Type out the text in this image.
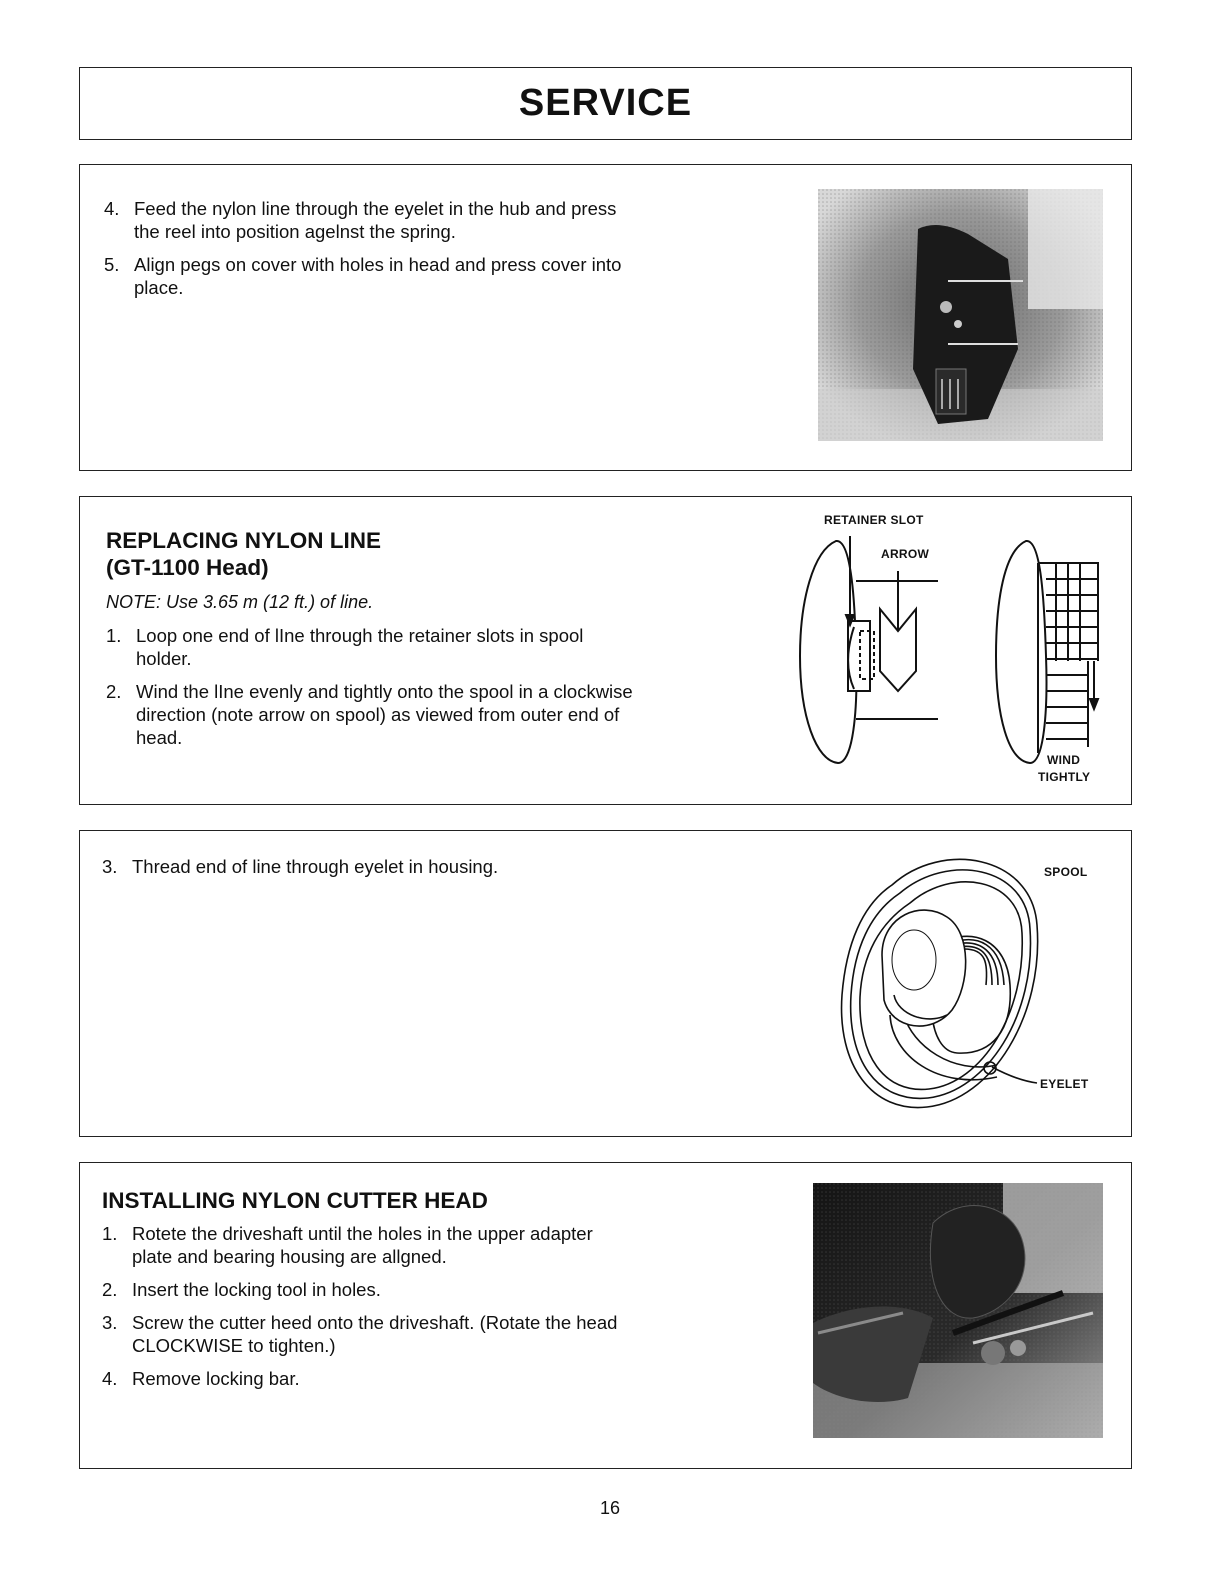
SERVICE
4. Feed the nylon line through the eyelet in the hub and press the reel into position agelnst the spring.
5. Align pegs on cover with holes in head and press cover into place.
REPLACING NYLON LINE
(GT-1100 Head)
NOTE: Use 3.65 m (12 ft.) of line.
1. Loop one end of lIne through the retainer slots in spool holder.
2. Wind the lIne evenly and tightly onto the spool in a clockwise direction (note arrow on spool) as viewed from outer end of head.
RETAINER SLOT
ARROW
WIND
TIGHTLY
3. Thread end of line through eyelet in housing.	SPOOL
EYELET
INSTALLING NYLON CUTTER HEAD
1. Rotete the driveshaft until the holes in the upper adapter plate and bearing housing are allgned.
2. Insert the locking tool in holes.
3. Screw the cutter heed onto the driveshaft. (Rotate the head CLOCKWISE to tighten.)
4. Remove locking bar.
16
